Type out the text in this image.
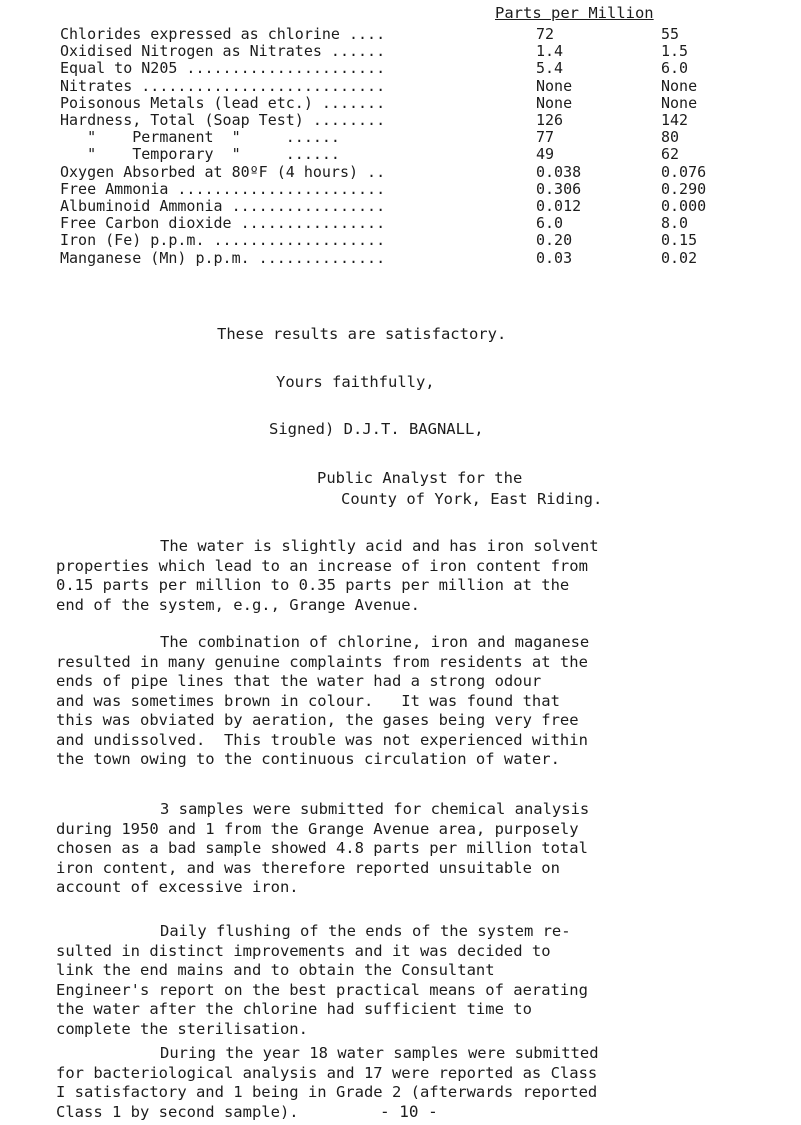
Parts per Million
Chlorides expressed as chlorine ....	72	55
Oxidised Nitrogen as Nitrates ......	1.4	1.5
Equal to N205 ......................	5.4	6.0
Nitrates ...........................	None	None
Poisonous Metals (lead etc.) .......	None	None
Hardness, Total (Soap Test) ........	126	142
"    Permanent  "     ......	77	80
"    Temporary  "     ......	49	62
Oxygen Absorbed at 80ºF (4 hours) ..	0.038	0.076
Free Ammonia .......................	0.306	0.290
Albuminoid Ammonia .................	0.012	0.000
Free Carbon dioxide ................	6.0	8.0
Iron (Fe) p.p.m. ...................	0.20	0.15
Manganese (Mn) p.p.m. ..............	0.03	0.02
These results are satisfactory.
Yours faithfully,
Signed) D.J.T. BAGNALL,
Public Analyst for the
County of York, East Riding.
The water is slightly acid and has iron solvent
properties which lead to an increase of iron content from
0.15 parts per million to 0.35 parts per million at the
end of the system, e.g., Grange Avenue.
The combination of chlorine, iron and maganese
resulted in many genuine complaints from residents at the
ends of pipe lines that the water had a strong odour
and was sometimes brown in colour.   It was found that
this was obviated by aeration, the gases being very free
and undissolved.  This trouble was not experienced within
the town owing to the continuous circulation of water.
3 samples were submitted for chemical analysis
during 1950 and 1 from the Grange Avenue area, purposely
chosen as a bad sample showed 4.8 parts per million total
iron content, and was therefore reported unsuitable on
account of excessive iron.
Daily flushing of the ends of the system re-
sulted in distinct improvements and it was decided to
link the end mains and to obtain the Consultant
Engineer's report on the best practical means of aerating
the water after the chlorine had sufficient time to
complete the sterilisation.
During the year 18 water samples were submitted
for bacteriological analysis and 17 were reported as Class
I satisfactory and 1 being in Grade 2 (afterwards reported
Class 1 by second sample).	- 10 -
